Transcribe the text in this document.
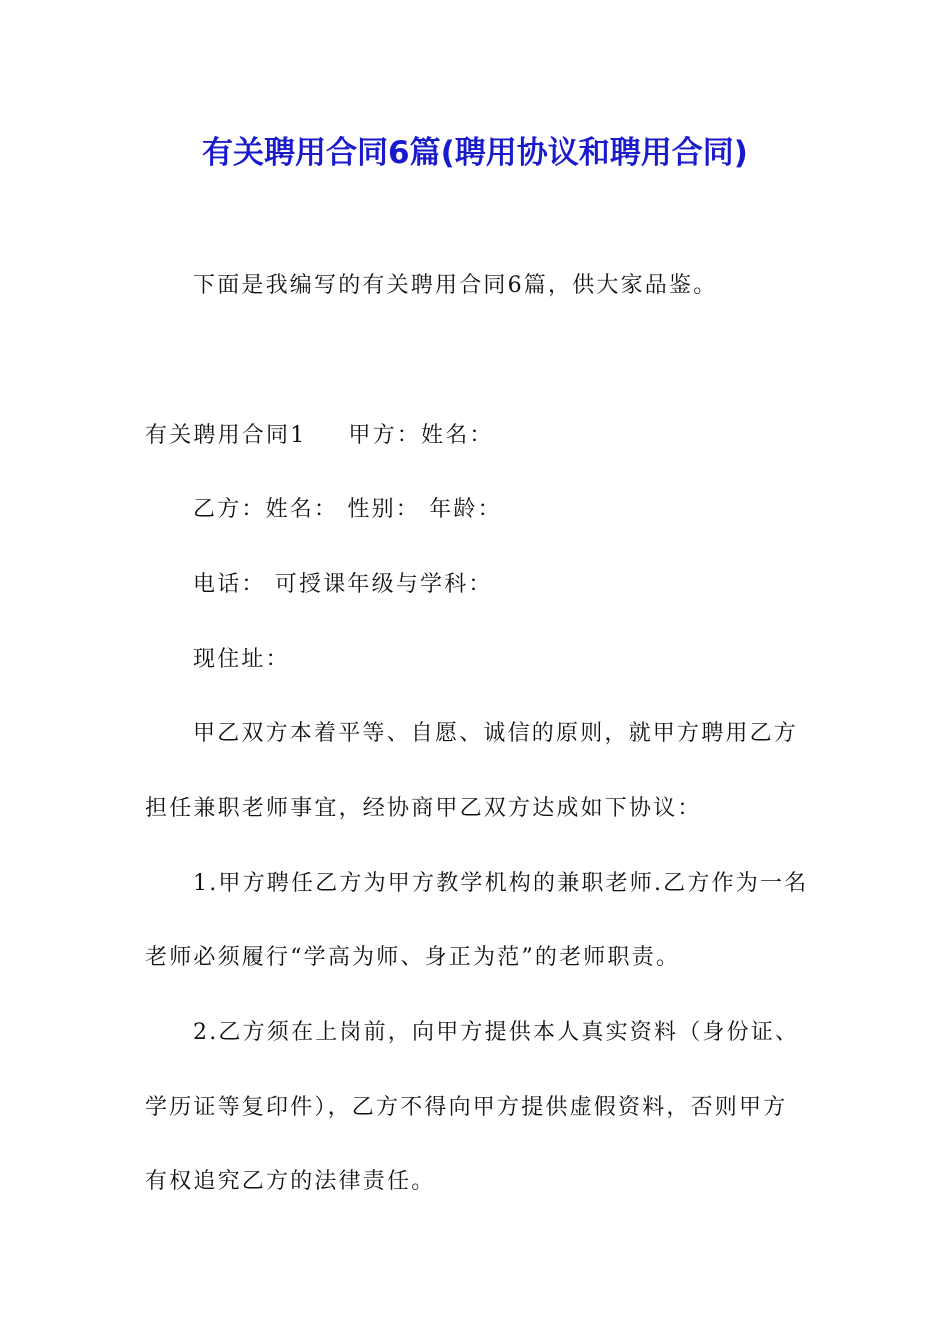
有关聘用合同6篇(聘用协议和聘用合同)
下面是我编写的有关聘用合同6篇，供大家品鉴。
有关聘用合同1 甲方：姓名：
乙方：姓名： 性别： 年龄：
电话： 可授课年级与学科：
现住址：
甲乙双方本着平等、自愿、诚信的原则，就甲方聘用乙方
担任兼职老师事宜，经协商甲乙双方达成如下协议：
1.甲方聘任乙方为甲方教学机构的兼职老师.乙方作为一名
老师必须履行“学高为师、身正为范”的老师职责。
2.乙方须在上岗前，向甲方提供本人真实资料（身份证、
学历证等复印件），乙方不得向甲方提供虚假资料，否则甲方
有权追究乙方的法律责任。
